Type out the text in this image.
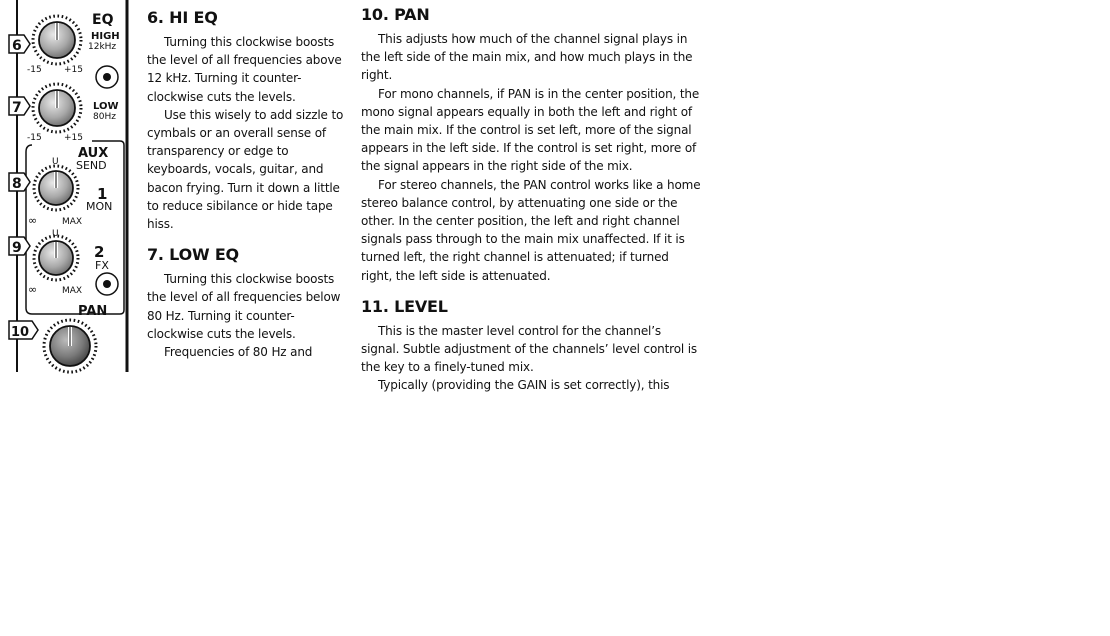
EQ
HIGH
12kHz
-15 +15
6
LOW
80Hz
-15 +15
7
AUX
SEND
U
1
MON
∞	MAX
8
U
2
FX
∞	MAX
9
PAN
10
6. HI EQ

Turning this clockwise boosts the level of all frequencies above 12 kHz. Turning it counter-clockwise cuts the levels.

Use this wisely to add sizzle to cymbals or an overall sense of transparency or edge to keyboards, vocals, guitar, and bacon frying. Turn it down a little to reduce sibilance or hide tape hiss.

7. LOW EQ

Turning this clockwise boosts the level of all frequencies below 80 Hz. Turning it counter-clockwise cuts the levels.

Frequencies of 80 Hz and

10. PAN

This adjusts how much of the channel signal plays in the left side of the main mix, and how much plays in the right.

For mono channels, if PAN is in the center position, the mono signal appears equally in both the left and right of the main mix. If the control is set left, more of the signal appears in the left side. If the control is set right, more of the signal appears in the right side of the mix.

For stereo channels, the PAN control works like a home stereo balance control, by attenuating one side or the other. In the center position, the left and right channel signals pass through to the main mix unaffected. If it is turned left, the right channel is attenuated; if turned right, the left side is attenuated.

11. LEVEL

This is the master level control for the channel’s signal. Subtle adjustment of the channels’ level control is the key to a finely-tuned mix.

Typically (providing the GAIN is set correctly), this
